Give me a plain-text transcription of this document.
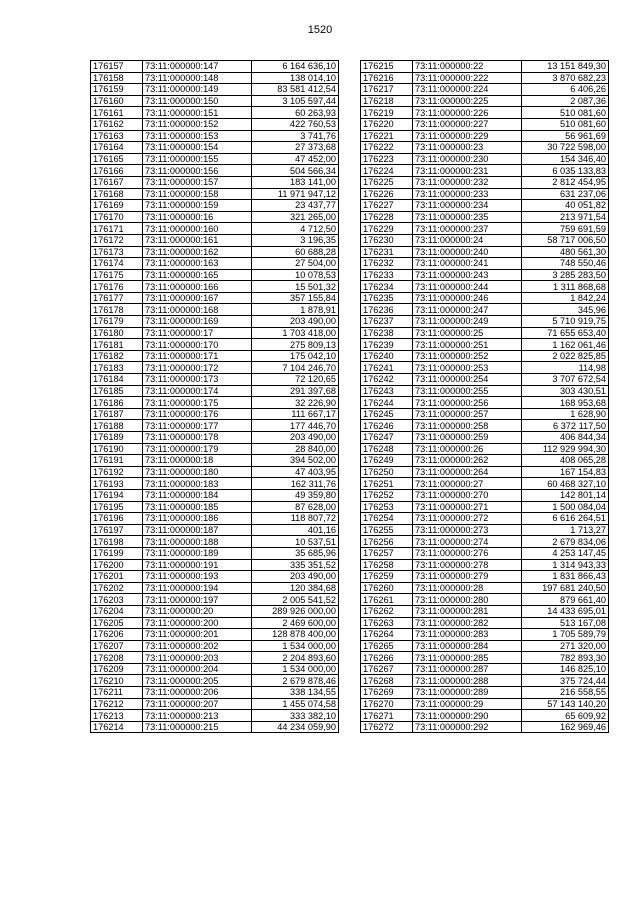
1520
176157	73:11:000000:147	6 164 636,10
176158	73:11:000000:148	138 014,10
176159	73:11:000000:149	83 581 412,54
176160	73:11:000000:150	3 105 597,44
176161	73:11:000000:151	60 263,93
176162	73:11:000000:152	422 760,53
176163	73:11:000000:153	3 741,76
176164	73:11:000000:154	27 373,68
176165	73:11:000000:155	47 452,00
176166	73:11:000000:156	504 566,34
176167	73:11:000000:157	183 141,00
176168	73:11:000000:158	11 971 947,12
176169	73:11:000000:159	23 437,77
176170	73:11:000000:16	321 265,00
176171	73:11:000000:160	4 712,50
176172	73:11:000000:161	3 196,35
176173	73:11:000000:162	60 688,28
176174	73:11:000000:163	27 504,00
176175	73:11:000000:165	10 078,53
176176	73:11:000000:166	15 501,32
176177	73:11:000000:167	357 155,84
176178	73:11:000000:168	1 878,91
176179	73:11:000000:169	203 490,00
176180	73:11:000000:17	1 703 418,00
176181	73:11:000000:170	275 809,13
176182	73:11:000000:171	175 042,10
176183	73:11:000000:172	7 104 246,70
176184	73:11:000000:173	72 120,65
176185	73:11:000000:174	291 397,68
176186	73:11:000000:175	32 226,90
176187	73:11:000000:176	111 667,17
176188	73:11:000000:177	177 446,70
176189	73:11:000000:178	203 490,00
176190	73:11:000000:179	28 840,00
176191	73:11:000000:18	394 502,00
176192	73:11:000000:180	47 403,95
176193	73:11:000000:183	162 311,76
176194	73:11:000000:184	49 359,80
176195	73:11:000000:185	87 628,00
176196	73:11:000000:186	118 807,72
176197	73:11:000000:187	401,16
176198	73:11:000000:188	10 537,51
176199	73:11:000000:189	35 685,96
176200	73:11:000000:191	335 351,52
176201	73:11:000000:193	203 490,00
176202	73:11:000000:194	120 384,68
176203	73:11:000000:197	2 005 541,52
176204	73:11:000000:20	289 926 000,00
176205	73:11:000000:200	2 469 600,00
176206	73:11:000000:201	128 878 400,00
176207	73:11:000000:202	1 534 000,00
176208	73:11:000000:203	2 204 893,60
176209	73:11:000000:204	1 534 000,00
176210	73:11:000000:205	2 679 878,46
176211	73:11:000000:206	338 134,55
176212	73:11:000000:207	1 455 074,58
176213	73:11:000000:213	333 382,10
176214	73:11:000000:215	44 234 059,90
176215	73:11:000000:22	13 151 849,30
176216	73:11:000000:222	3 870 682,23
176217	73:11:000000:224	6 406,26
176218	73:11:000000:225	2 087,36
176219	73:11:000000:226	510 081,60
176220	73:11:000000:227	510 081,60
176221	73:11:000000:229	56 961,69
176222	73:11:000000:23	30 722 598,00
176223	73:11:000000:230	154 346,40
176224	73:11:000000:231	6 035 133,83
176225	73:11:000000:232	2 812 454,95
176226	73:11:000000:233	631 237,06
176227	73:11:000000:234	40 051,82
176228	73:11:000000:235	213 971,54
176229	73:11:000000:237	759 691,59
176230	73:11:000000:24	58 717 006,50
176231	73:11:000000:240	480 561,30
176232	73:11:000000:241	748 550,46
176233	73:11:000000:243	3 285 283,50
176234	73:11:000000:244	1 311 868,68
176235	73:11:000000:246	1 842,24
176236	73:11:000000:247	345,96
176237	73:11:000000:249	5 710 919,75
176238	73:11:000000:25	71 655 653,40
176239	73:11:000000:251	1 162 061,46
176240	73:11:000000:252	2 022 825,85
176241	73:11:000000:253	114,98
176242	73:11:000000:254	3 707 672,54
176243	73:11:000000:255	303 430,51
176244	73:11:000000:256	168 953,68
176245	73:11:000000:257	1 628,90
176246	73:11:000000:258	6 372 117,50
176247	73:11:000000:259	406 844,34
176248	73:11:000000:26	112 929 994,30
176249	73:11:000000:262	408 065,28
176250	73:11:000000:264	167 154,83
176251	73:11:000000:27	60 468 327,10
176252	73:11:000000:270	142 801,14
176253	73:11:000000:271	1 500 084,04
176254	73:11:000000:272	6 616 264,51
176255	73:11:000000:273	1 713,27
176256	73:11:000000:274	2 679 834,06
176257	73:11:000000:276	4 253 147,45
176258	73:11:000000:278	1 314 943,33
176259	73:11:000000:279	1 831 866,43
176260	73:11:000000:28	197 681 240,50
176261	73:11:000000:280	879 661,40
176262	73:11:000000:281	14 433 695,01
176263	73:11:000000:282	513 167,08
176264	73:11:000000:283	1 705 589,79
176265	73:11:000000:284	271 320,00
176266	73:11:000000:285	782 893,30
176267	73:11:000000:287	146 825,10
176268	73:11:000000:288	375 724,44
176269	73:11:000000:289	216 558,55
176270	73:11:000000:29	57 143 140,20
176271	73:11:000000:290	65 609,92
176272	73:11:000000:292	162 969,46
